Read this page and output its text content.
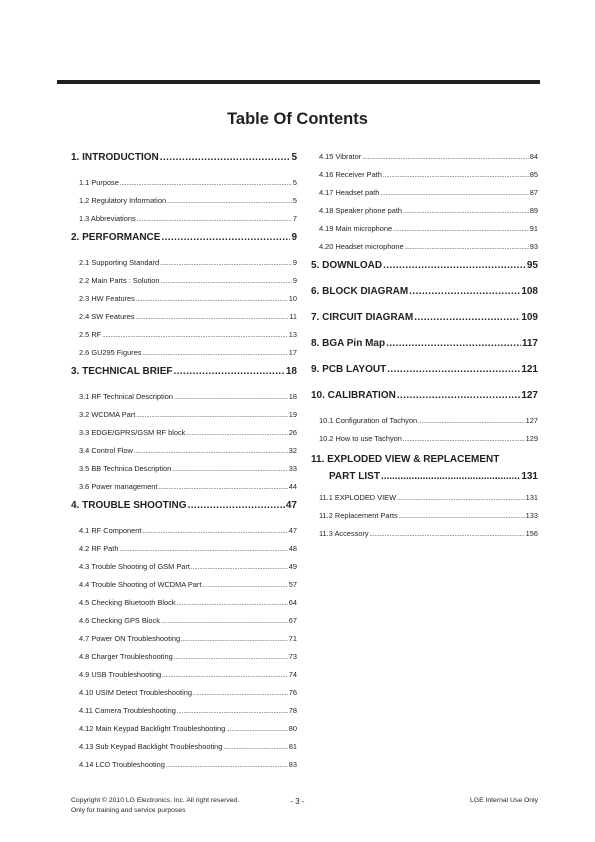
Table Of Contents
1. INTRODUCTION .....	5
1.1 Purpose .....	5
1.2 Regulatory Information .....	5
1.3 Abbreviations .....	7
2. PERFORMANCE .....	9
2.1 Supporting Standard .....	9
2.2 Main Parts : Solution .....	9
2.3 HW Features .....	10
2.4 SW Features .....	11
2.5 RF .....	13
2.6 GU295 Figures .....	17
3. TECHNICAL BRIEF .....	18
3.1 RF Technical Description .....	18
3.2 WCDMA Part .....	19
3.3 EDGE/GPRS/GSM RF block .....	26
3.4 Control Flow .....	32
3.5 BB Technica Description .....	33
3.6 Power management .....	44
4. TROUBLE SHOOTING .....	47
4.1 RF Component .....	47
4.2 RF Path .....	48
4.3 Trouble Shooting of GSM Part .....	49
4.4 Trouble Shooting of WCDMA Part .....	57
4.5 Checking Bluetooth Block .....	64
4.6 Checking GPS Block .....	67
4.7 Power ON Troubleshooting .....	71
4.8 Charger Troubleshooting .....	73
4.9 USB Troubleshooting .....	74
4.10 USIM Detect Troubleshooting .....	76
4.11 Camera Troubleshooting .....	78
4.12 Main Keypad Backlight Troubleshooting .....	80
4.13 Sub Keypad Backlight Troubleshooting .....	81
4.14 LCD Troubleshooting .....	83
4.15 Vibrator .....	84
4.16 Receiver Path .....	85
4.17 Headset path .....	87
4.18 Speaker phone path .....	89
4.19 Main microphone .....	91
4.20 Headset microphone .....	93
5. DOWNLOAD .....	95
6. BLOCK DIAGRAM .....	108
7. CIRCUIT DIAGRAM .....	109
8. BGA Pin Map .....	117
9. PCB LAYOUT .....	121
10. CALIBRATION .....	127
10.1 Configuration of Tachyon .....	127
10.2 How to use Tachyon .....	129
11. EXPLODED VIEW & REPLACEMENT
PART LIST .....	131
11.1 EXPLODED VIEW .....	131
11.2 Replacement Parts .....	133
11.3 Accessory .....	156
Copyright © 2010 LG Electronics. Inc. All right reserved.
Only for training and service purposes
- 3 -	LGE Internal Use Only
